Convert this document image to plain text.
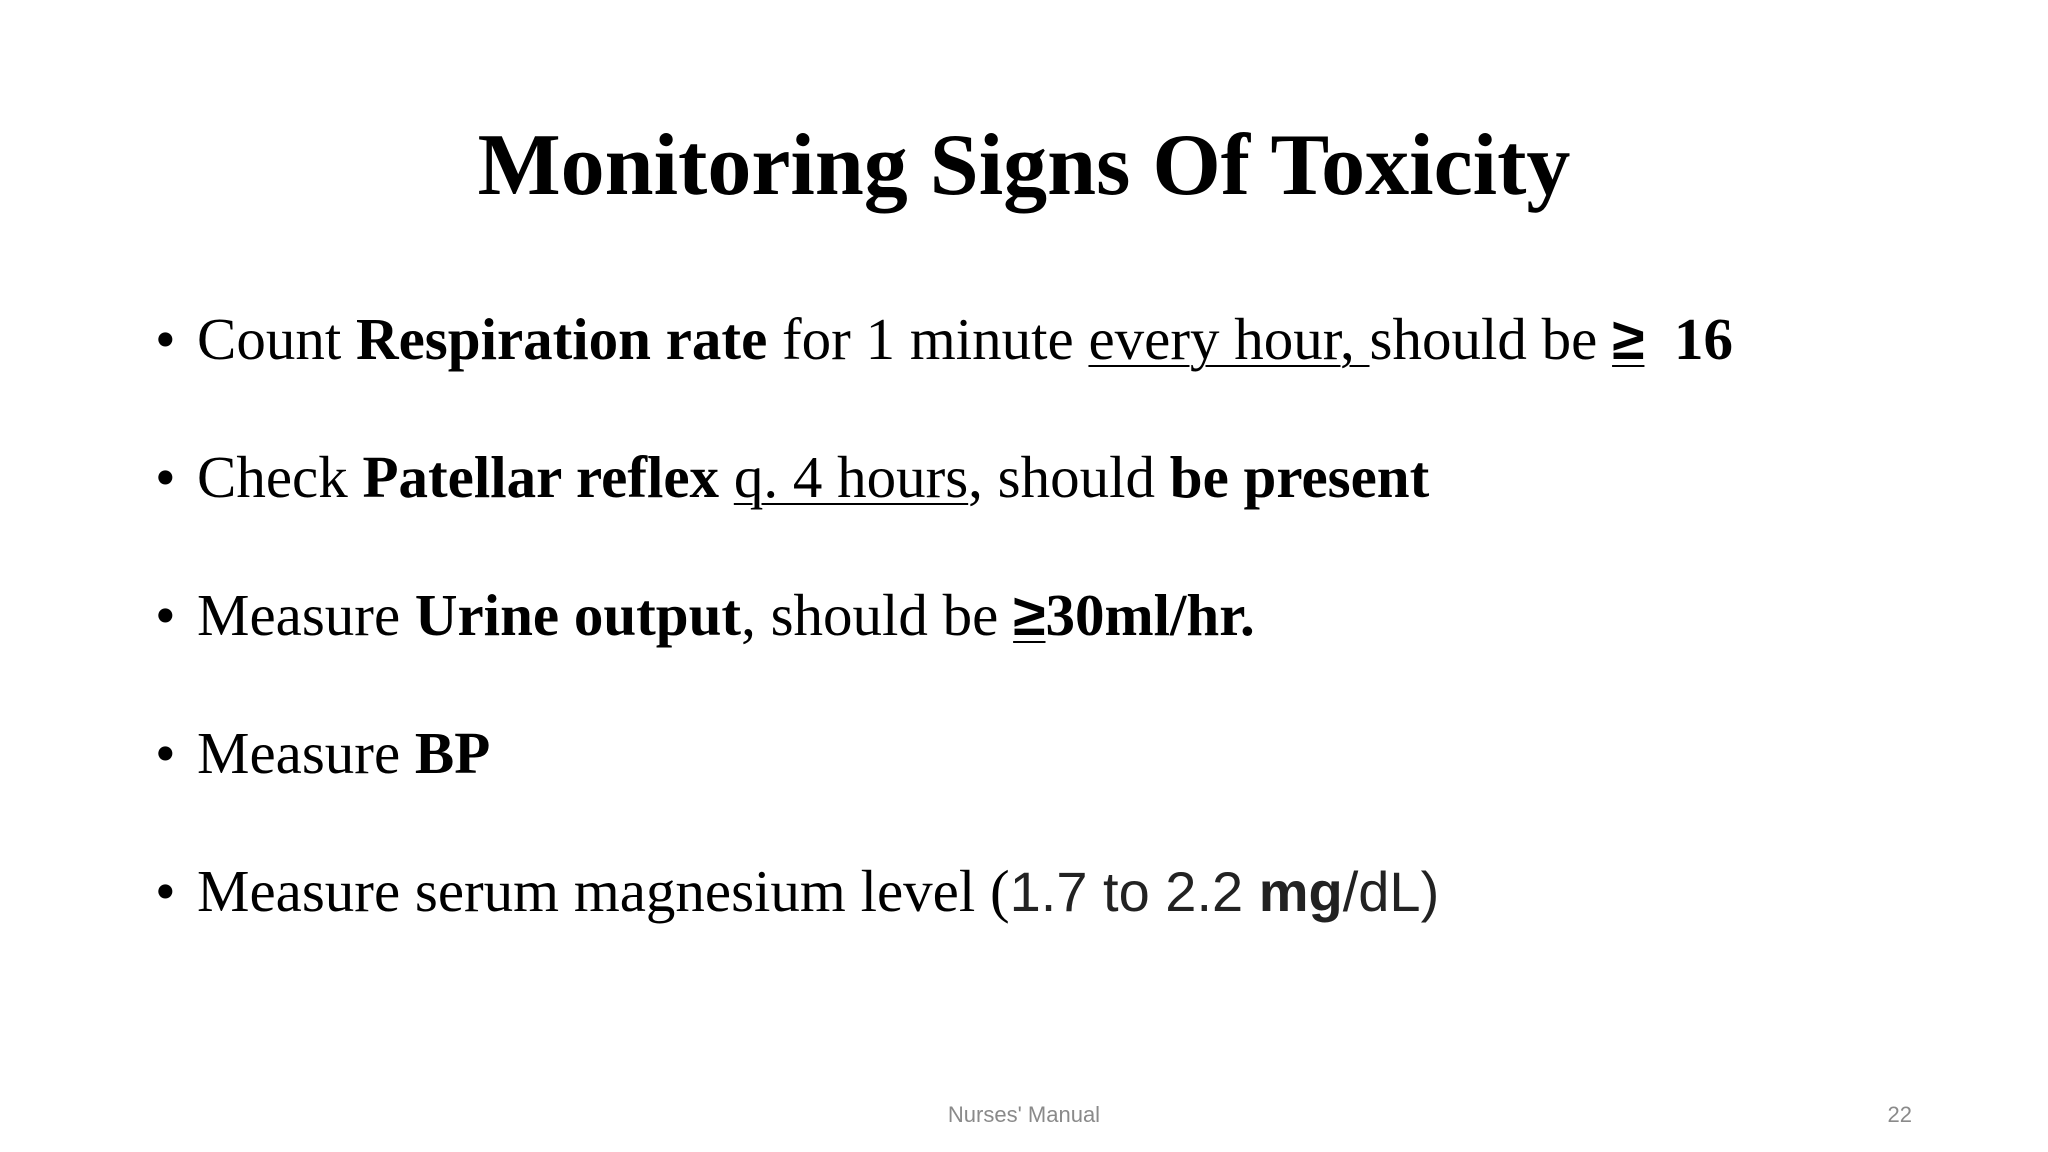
Monitoring Signs Of Toxicity
• Count Respiration rate for 1 minute every hour, should be ≥  16
• Check Patellar reflex q. 4 hours, should be present
• Measure Urine output, should be ≥30ml/hr.
• Measure BP
• Measure serum magnesium level (1.7 to 2.2 mg/dL)
Nurses' Manual	22
